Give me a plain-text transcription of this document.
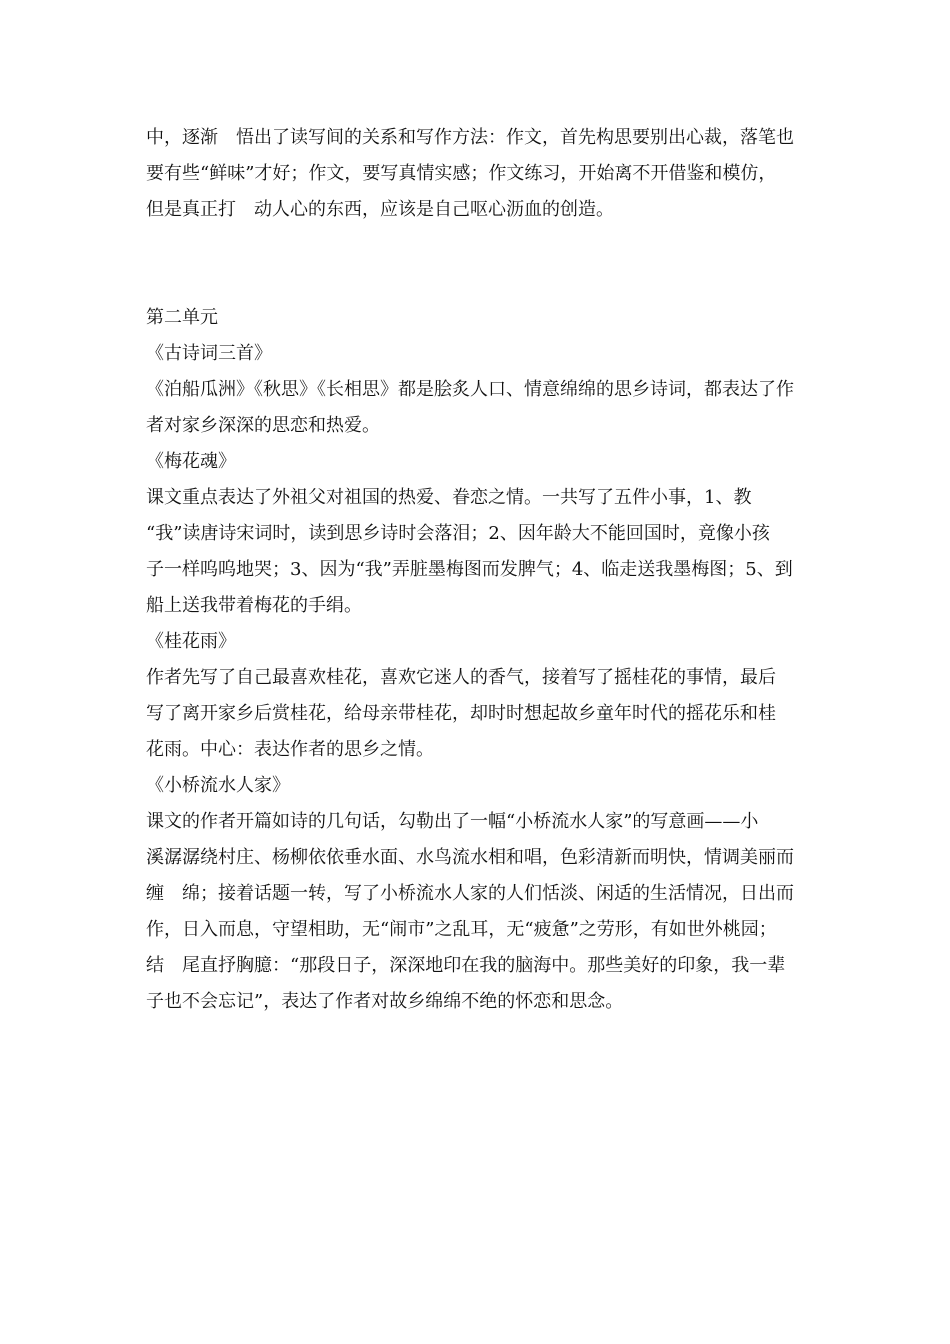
中，逐渐　悟出了读写间的关系和写作方法：作文，首先构思要别出心裁，落笔也
要有些“鲜味”才好；作文，要写真情实感；作文练习，开始离不开借鉴和模仿，
但是真正打　动人心的东西，应该是自己呕心沥血的创造。
第二单元
《古诗词三首》
《泊船瓜洲》《秋思》《长相思》都是脍炙人口、情意绵绵的思乡诗词，都表达了作
者对家乡深深的思恋和热爱。
《梅花魂》
课文重点表达了外祖父对祖国的热爱、眷恋之情。一共写了五件小事，1、教
“我”读唐诗宋词时，读到思乡诗时会落泪；2、因年龄大不能回国时，竟像小孩
子一样呜呜地哭；3、因为“我”弄脏墨梅图而发脾气；4、临走送我墨梅图；5、到
船上送我带着梅花的手绢。
《桂花雨》
作者先写了自己最喜欢桂花，喜欢它迷人的香气，接着写了摇桂花的事情，最后
写了离开家乡后赏桂花，给母亲带桂花，却时时想起故乡童年时代的摇花乐和桂
花雨。中心：表达作者的思乡之情。
《小桥流水人家》
课文的作者开篇如诗的几句话，勾勒出了一幅“小桥流水人家”的写意画——小
溪潺潺绕村庄、杨柳依依垂水面、水鸟流水相和唱，色彩清新而明快，情调美丽而
缠　绵；接着话题一转，写了小桥流水人家的人们恬淡、闲适的生活情况，日出而
作，日入而息，守望相助，无“闹市”之乱耳，无“疲惫”之劳形，有如世外桃园；
结　尾直抒胸臆：“那段日子，深深地印在我的脑海中。那些美好的印象，我一辈
子也不会忘记”，表达了作者对故乡绵绵不绝的怀恋和思念。
